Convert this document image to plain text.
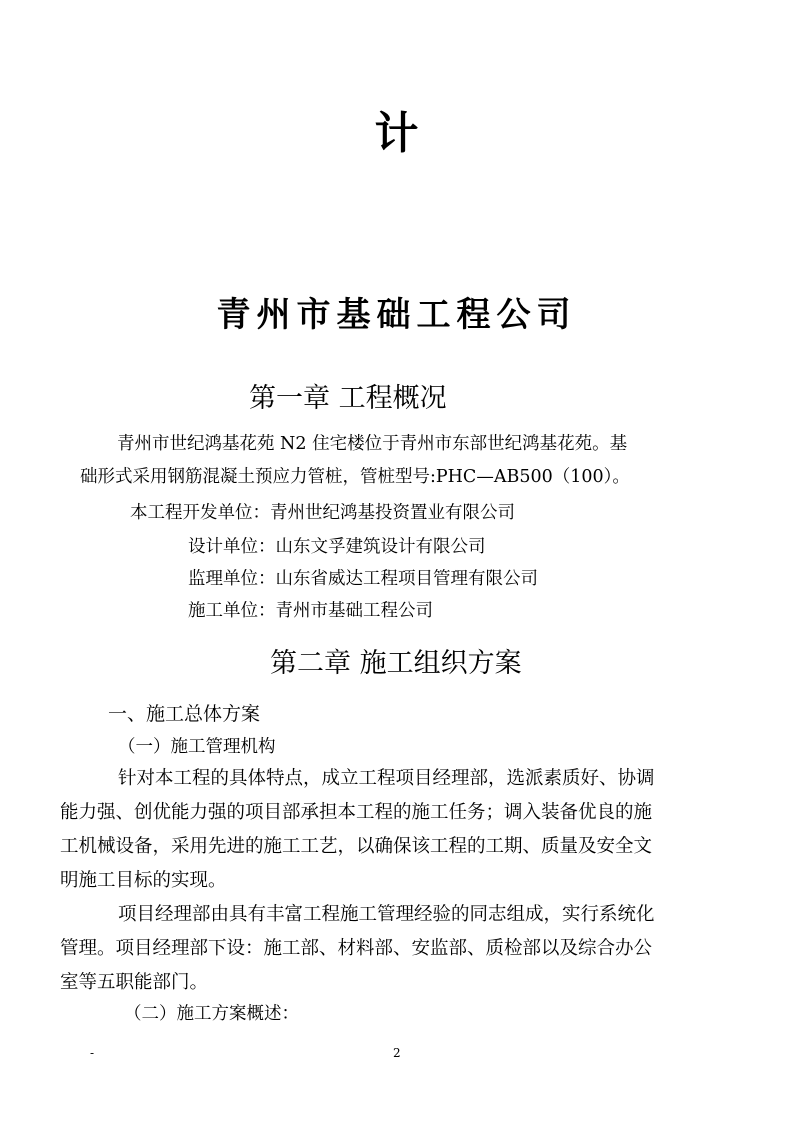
计
青州市基础工程公司
第一章 工程概况
青州市世纪鸿基花苑 N2 住宅楼位于青州市东部世纪鸿基花苑。基
础形式采用钢筋混凝土预应力管桩，管桩型号:PHC—AB500（100）。
本工程开发单位：青州世纪鸿基投资置业有限公司
设计单位：山东文孚建筑设计有限公司
监理单位：山东省威达工程项目管理有限公司
施工单位：青州市基础工程公司
第二章 施工组织方案
一、施工总体方案
（一）施工管理机构
针对本工程的具体特点，成立工程项目经理部，选派素质好、协调
能力强、创优能力强的项目部承担本工程的施工任务；调入装备优良的施
工机械设备，采用先进的施工工艺，以确保该工程的工期、质量及安全文
明施工目标的实现。
项目经理部由具有丰富工程施工管理经验的同志组成，实行系统化
管理。项目经理部下设：施工部、材料部、安监部、质检部以及综合办公
室等五职能部门。
（二）施工方案概述：
-	2
